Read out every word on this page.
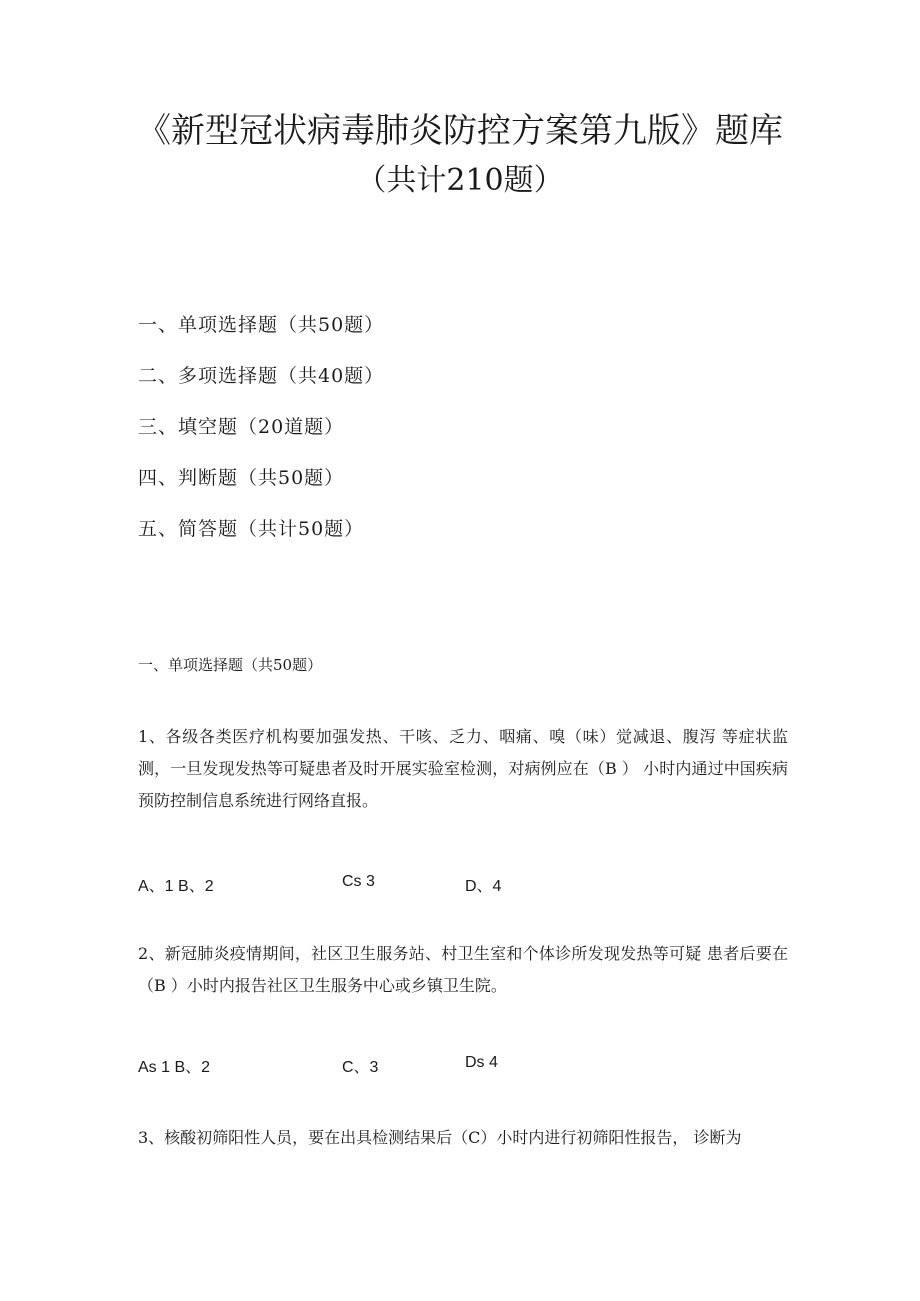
《新型冠状病毒肺炎防控方案第九版》题库
（共计210题）

一、单项选择题（共50题）

二、多项选择题（共40题）

三、填空题（20道题）

四、判断题（共50题）

五、简答题（共计50题）

一、单项选择题（共50题）

1、各级各类医疗机构要加强发热、干咳、乏力、咽痛、嗅（味）觉减退、腹泻 等症状监测，一旦发现发热等可疑患者及时开展实验室检测，对病例应在（B ） 小时内通过中国疾病预防控制信息系统进行网络直报。

A、1 B、2	Cs 3	D、4

2、新冠肺炎疫情期间，社区卫生服务站、村卫生室和个体诊所发现发热等可疑 患者后要在（B ）小时内报告社区卫生服务中心或乡镇卫生院。

As 1 B、2	C、3	Ds 4

3、核酸初筛阳性人员，要在出具检测结果后（C）小时内进行初筛阳性报告， 诊断为
